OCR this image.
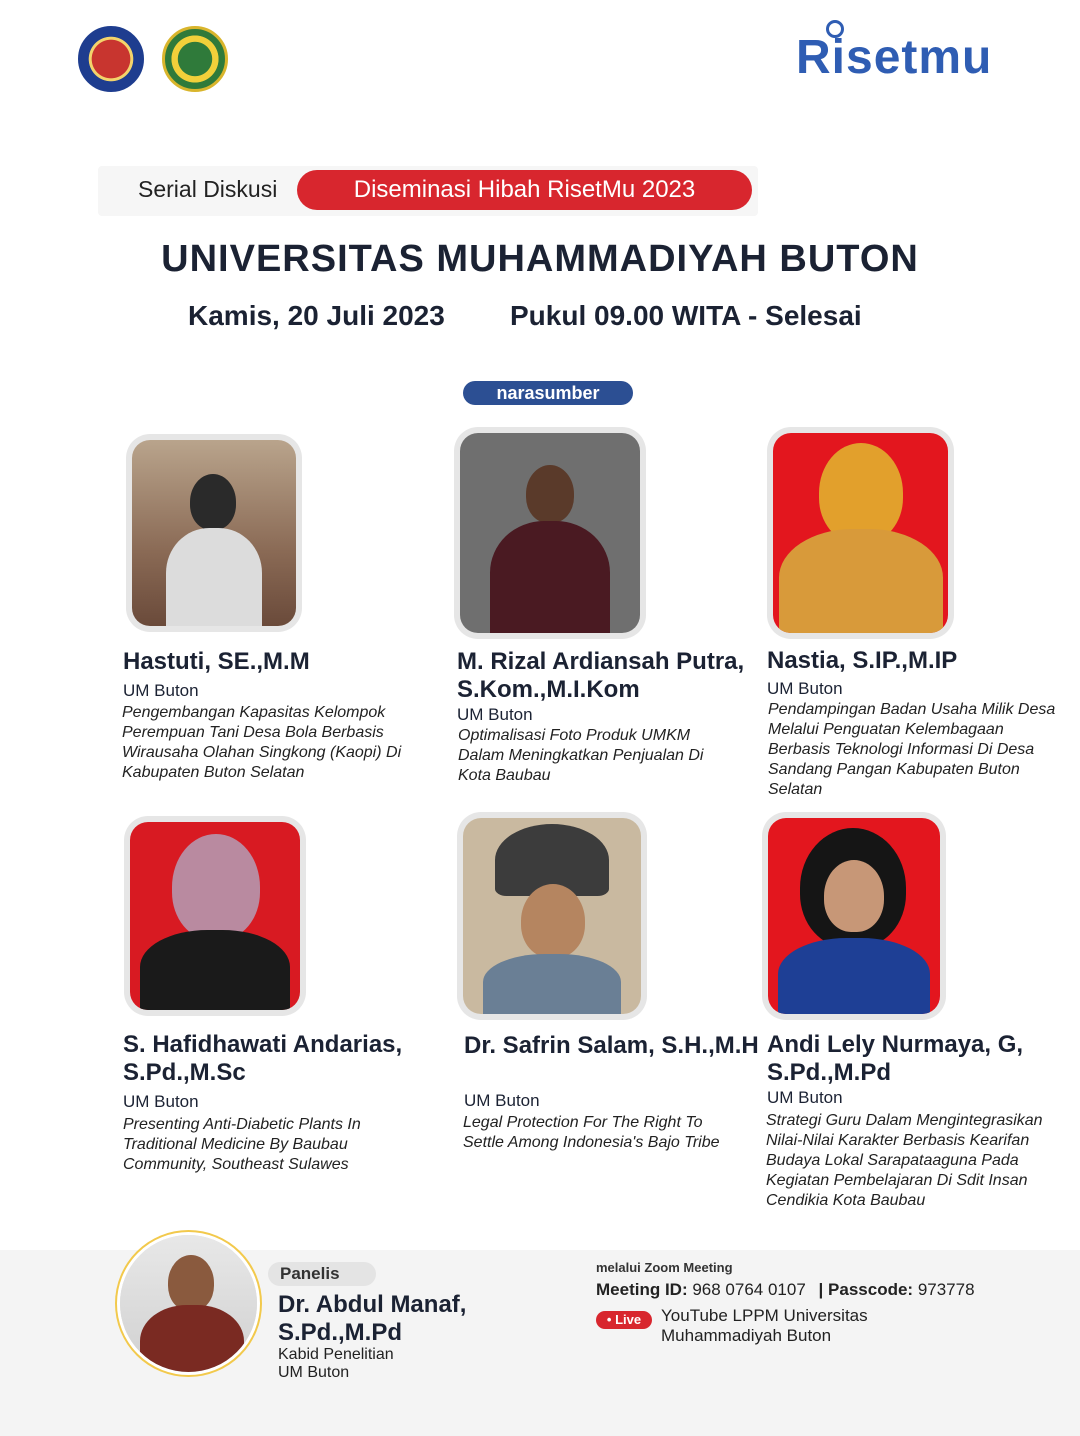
Risetmu
Serial Diskusi	Diseminasi Hibah RisetMu 2023
UNIVERSITAS MUHAMMADIYAH BUTON
Kamis, 20 Juli 2023 Pukul 09.00 WITA - Selesai
narasumber
Hastuti, SE.,M.M
UM Buton
Pengembangan Kapasitas Kelompok Perempuan Tani Desa Bola Berbasis Wirausaha Olahan Singkong (Kaopi) Di Kabupaten Buton Selatan
M. Rizal Ardiansah Putra, S.Kom.,M.I.Kom
UM Buton
Optimalisasi Foto Produk UMKM Dalam Meningkatkan Penjualan Di Kota Baubau
Nastia, S.IP.,M.IP
UM Buton
Pendampingan Badan Usaha Milik Desa Melalui Penguatan Kelembagaan Berbasis Teknologi Informasi Di Desa Sandang Pangan Kabupaten Buton Selatan
S. Hafidhawati Andarias, S.Pd.,M.Sc
UM Buton
Presenting Anti-Diabetic Plants In Traditional Medicine By Baubau Community, Southeast Sulawes
Dr. Safrin Salam, S.H.,M.H
UM Buton
Legal Protection For The Right To Settle Among Indonesia's Bajo Tribe
Andi Lely Nurmaya, G, S.Pd.,M.Pd
UM Buton
Strategi Guru Dalam Mengintegrasikan Nilai-Nilai Karakter Berbasis Kearifan Budaya Lokal Sarapataaguna Pada Kegiatan Pembelajaran Di Sdit Insan Cendikia Kota Baubau
Panelis
Dr. Abdul Manaf, S.Pd.,M.Pd
Kabid Penelitian UM Buton
melalui Zoom Meeting
Meeting ID: 968 0764 0107 | Passcode: 973778
• Live	YouTube LPPM Universitas Muhammadiyah Buton
